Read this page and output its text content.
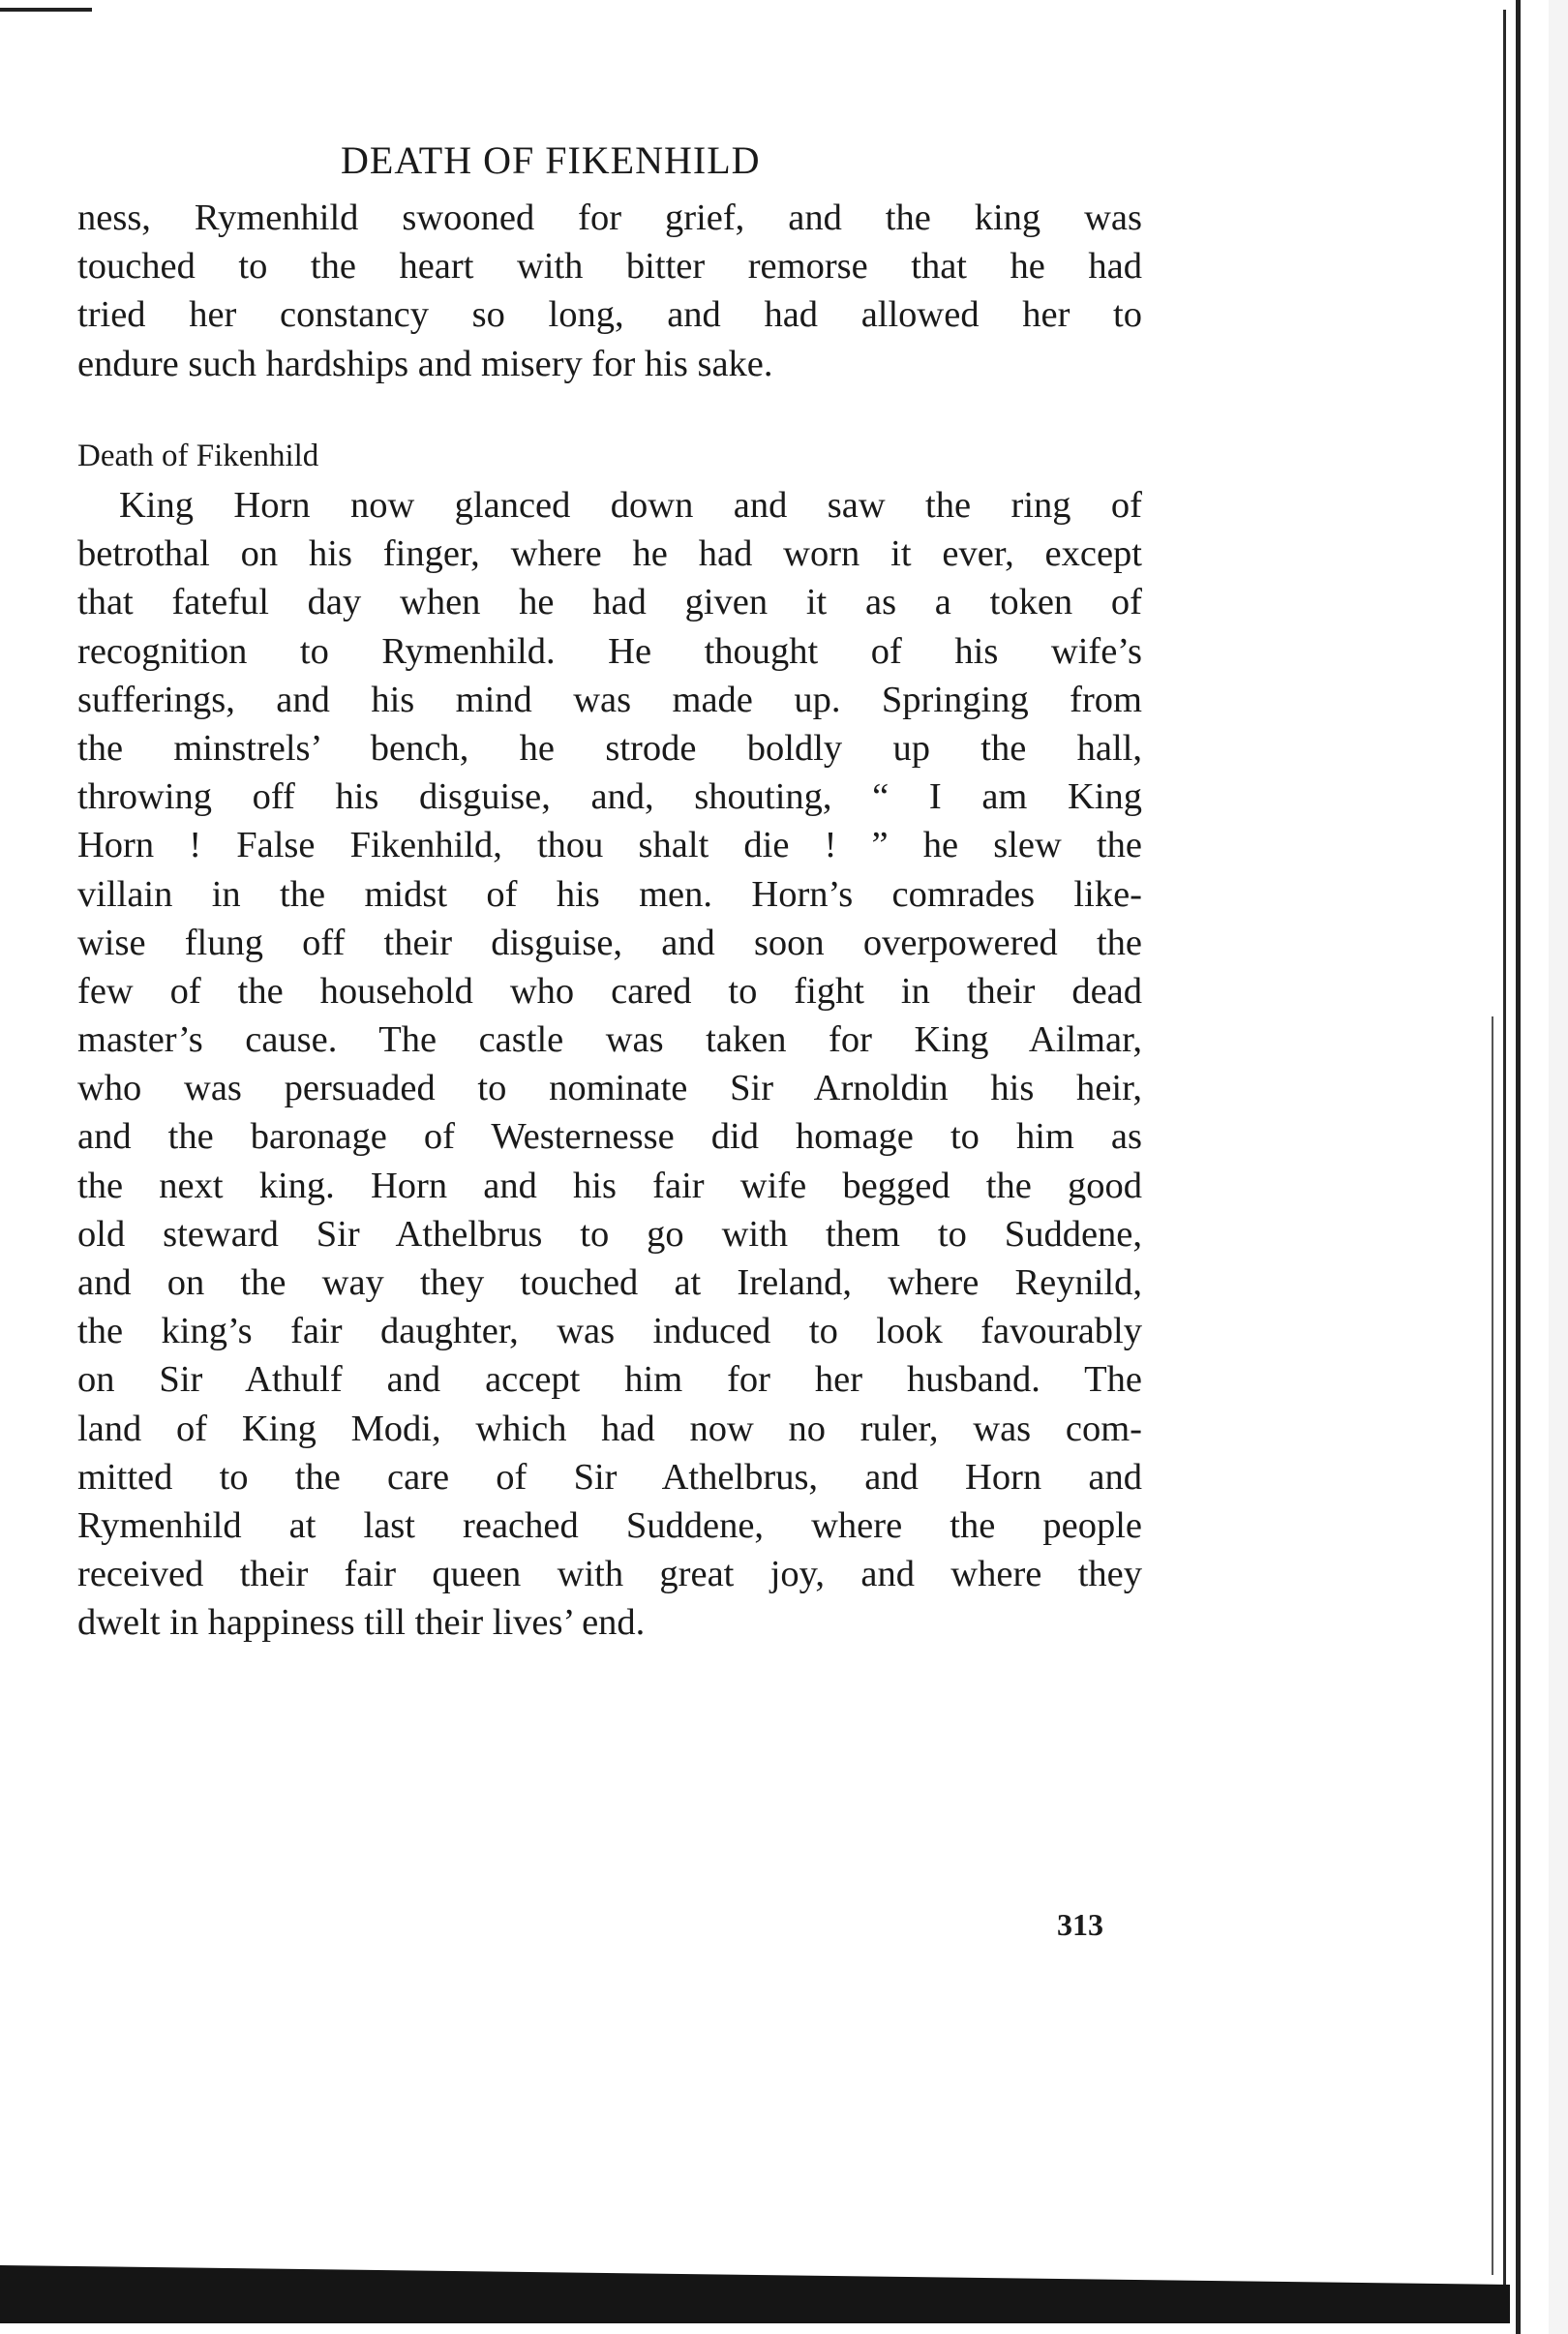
DEATH OF FIKENHILD
ness, Rymenhild swooned for grief, and the king was
touched to the heart with bitter remorse that he had
tried her constancy so long, and had allowed her to
endure such hardships and misery for his sake.
Death of Fikenhild
King Horn now glanced down and saw the ring of
betrothal on his finger, where he had worn it ever, except
that fateful day when he had given it as a token of
recognition to Rymenhild. He thought of his wife’s
sufferings, and his mind was made up. Springing from
the minstrels’ bench, he strode boldly up the hall,
throwing off his disguise, and, shouting, “ I am King
Horn ! False Fikenhild, thou shalt die ! ” he slew the
villain in the midst of his men. Horn’s comrades like-
wise flung off their disguise, and soon overpowered the
few of the household who cared to fight in their dead
master’s cause. The castle was taken for King Ailmar,
who was persuaded to nominate Sir Arnoldin his heir,
and the baronage of Westernesse did homage to him as
the next king. Horn and his fair wife begged the good
old steward Sir Athelbrus to go with them to Suddene,
and on the way they touched at Ireland, where Reynild,
the king’s fair daughter, was induced to look favourably
on Sir Athulf and accept him for her husband. The
land of King Modi, which had now no ruler, was com-
mitted to the care of Sir Athelbrus, and Horn and
Rymenhild at last reached Suddene, where the people
received their fair queen with great joy, and where they
dwelt in happiness till their lives’ end.
313
